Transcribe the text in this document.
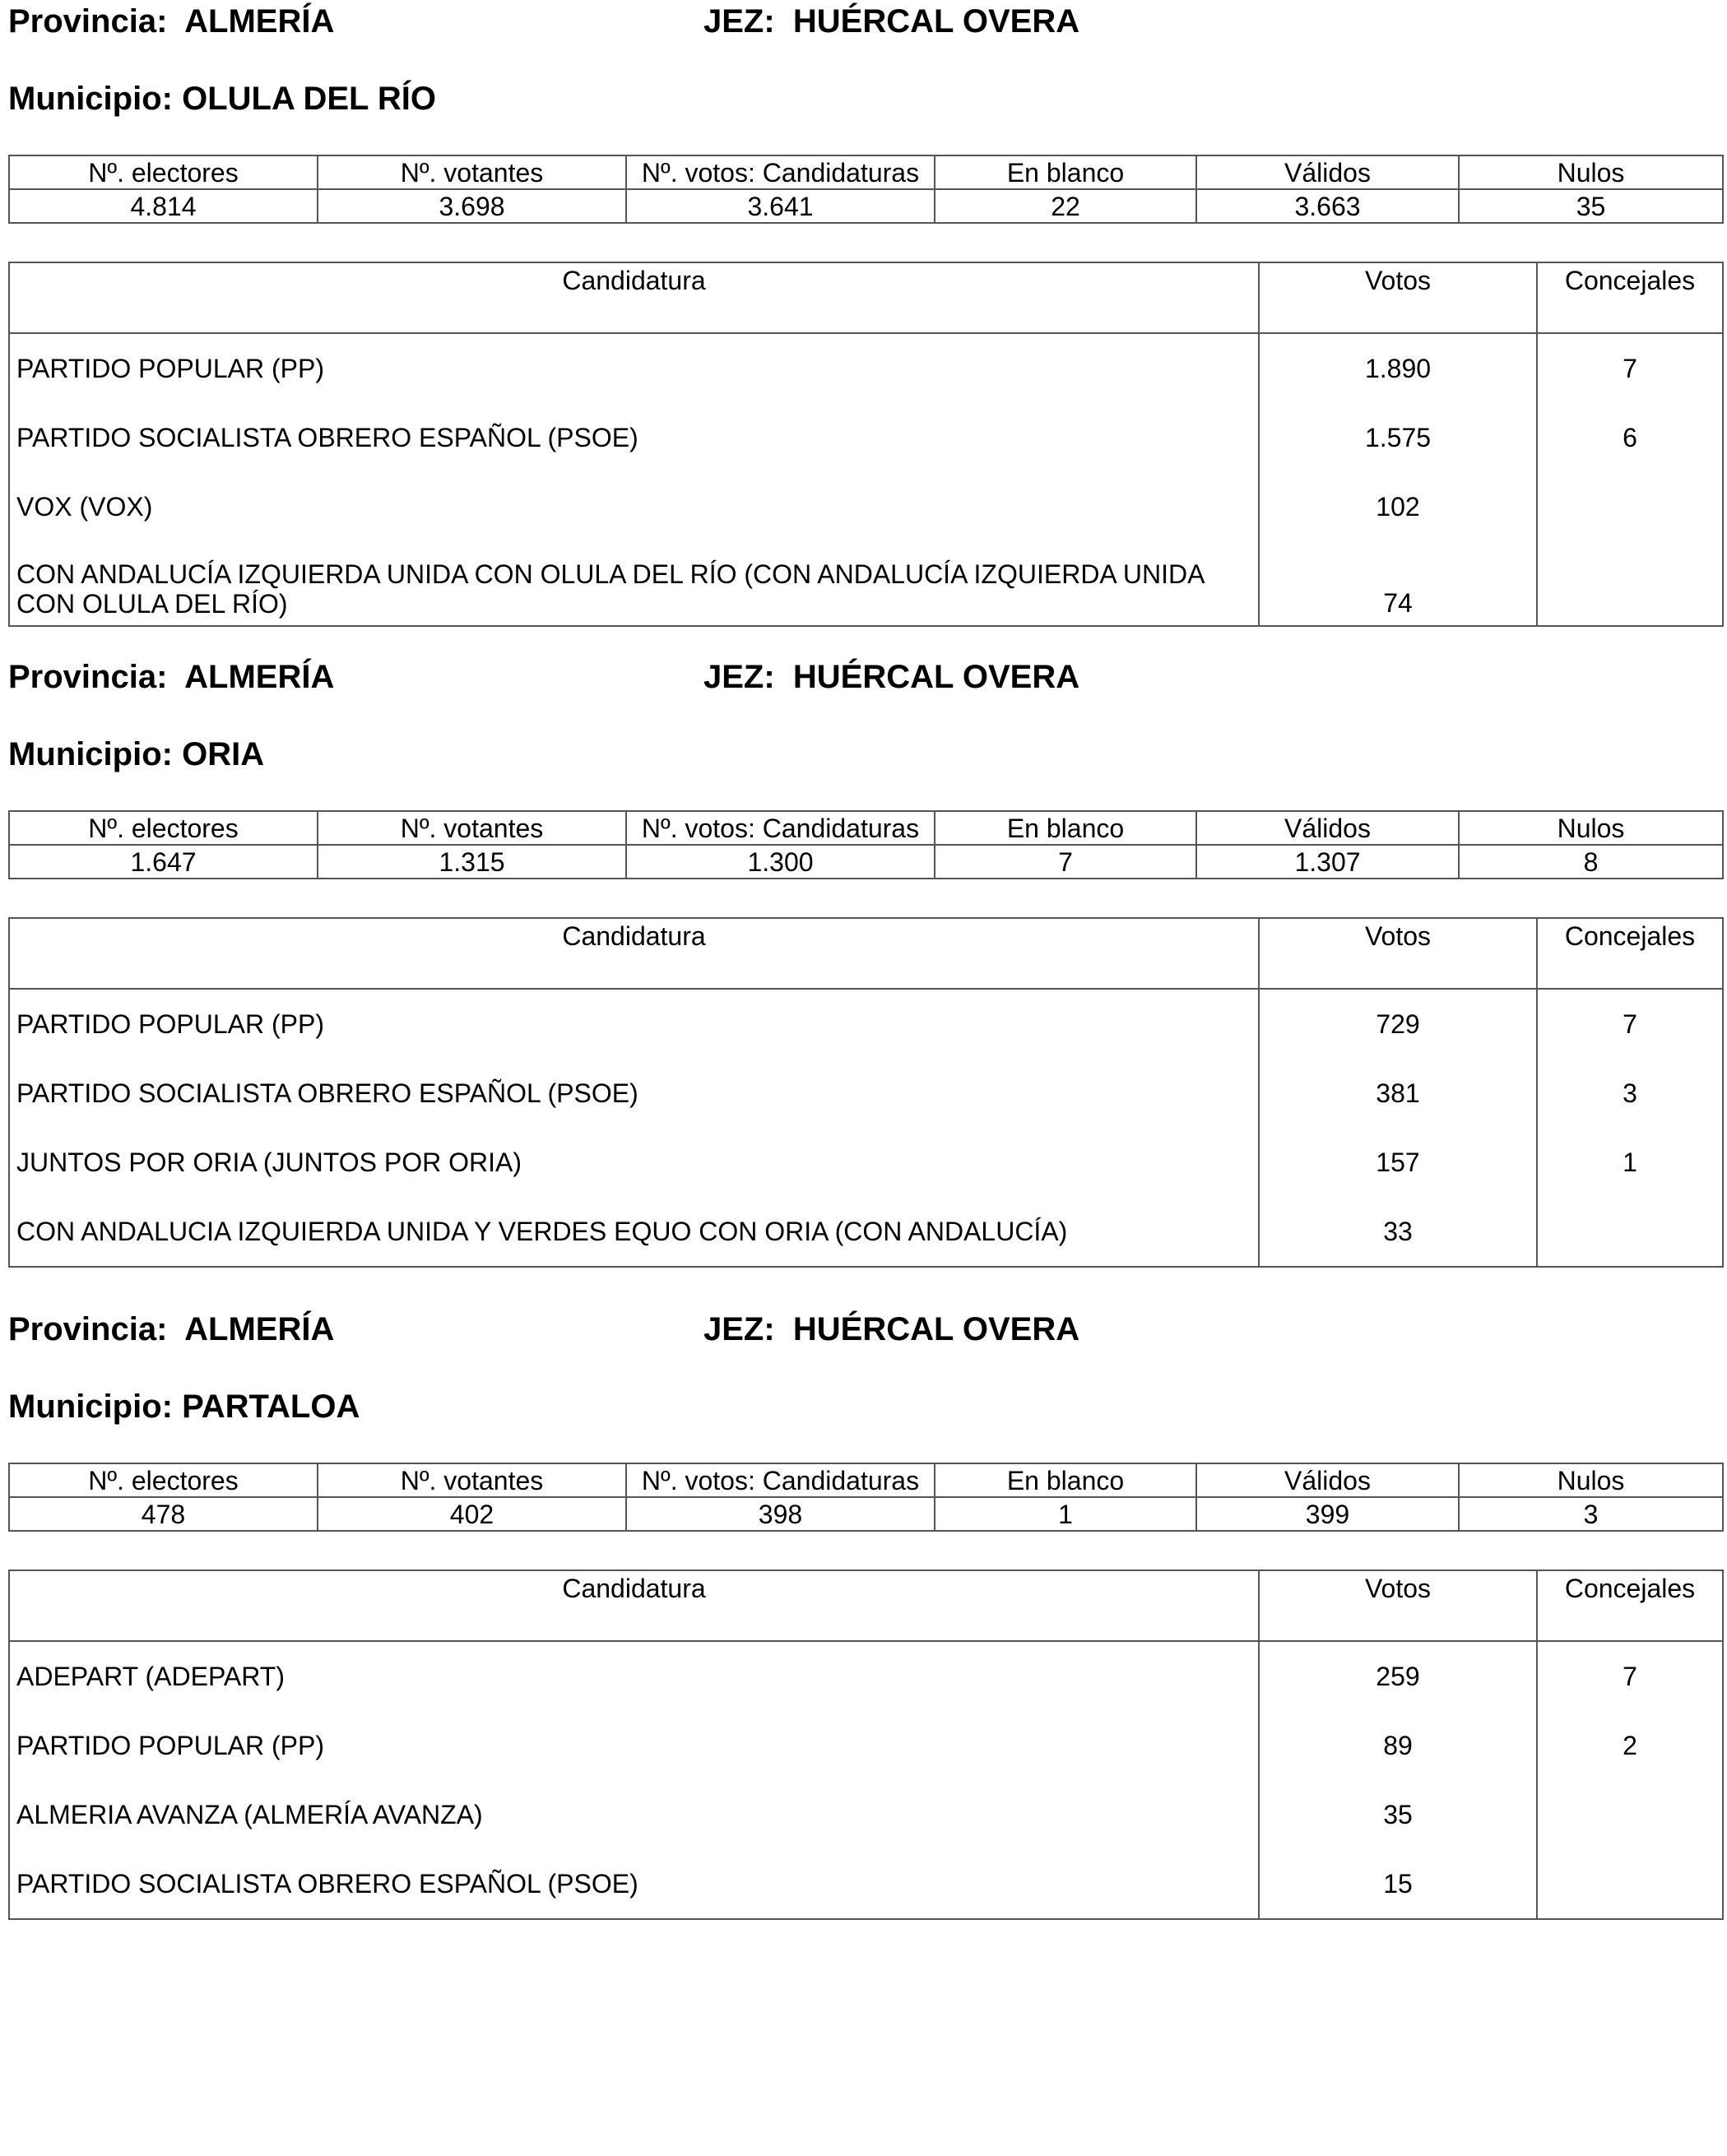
Provincia:  ALMERÍA	JEZ:  HUÉRCAL OVERA
Municipio: OLULA DEL RÍO
Nº. electores	Nº. votantes	Nº. votos: Candidaturas	En blanco	Válidos	Nulos
4.814	3.698	3.641	22	3.663	35
Candidatura	Votos	Concejales
PARTIDO POPULAR (PP)	1.890	7
PARTIDO SOCIALISTA OBRERO ESPAÑOL (PSOE)	1.575	6
VOX (VOX)	102	
CON ANDALUCÍA IZQUIERDA UNIDA CON OLULA DEL RÍO (CON ANDALUCÍA IZQUIERDA UNIDA CON OLULA DEL RÍO)	74	
Provincia:  ALMERÍA	JEZ:  HUÉRCAL OVERA
Municipio: ORIA
Nº. electores	Nº. votantes	Nº. votos: Candidaturas	En blanco	Válidos	Nulos
1.647	1.315	1.300	7	1.307	8
Candidatura	Votos	Concejales
PARTIDO POPULAR (PP)	729	7
PARTIDO SOCIALISTA OBRERO ESPAÑOL (PSOE)	381	3
JUNTOS POR ORIA (JUNTOS POR ORIA)	157	1
CON ANDALUCIA IZQUIERDA UNIDA Y VERDES EQUO CON ORIA (CON ANDALUCÍA)	33	
Provincia:  ALMERÍA	JEZ:  HUÉRCAL OVERA
Municipio: PARTALOA
Nº. electores	Nº. votantes	Nº. votos: Candidaturas	En blanco	Válidos	Nulos
478	402	398	1	399	3
Candidatura	Votos	Concejales
ADEPART (ADEPART)	259	7
PARTIDO POPULAR (PP)	89	2
ALMERIA AVANZA (ALMERÍA AVANZA)	35	
PARTIDO SOCIALISTA OBRERO ESPAÑOL (PSOE)	15	
